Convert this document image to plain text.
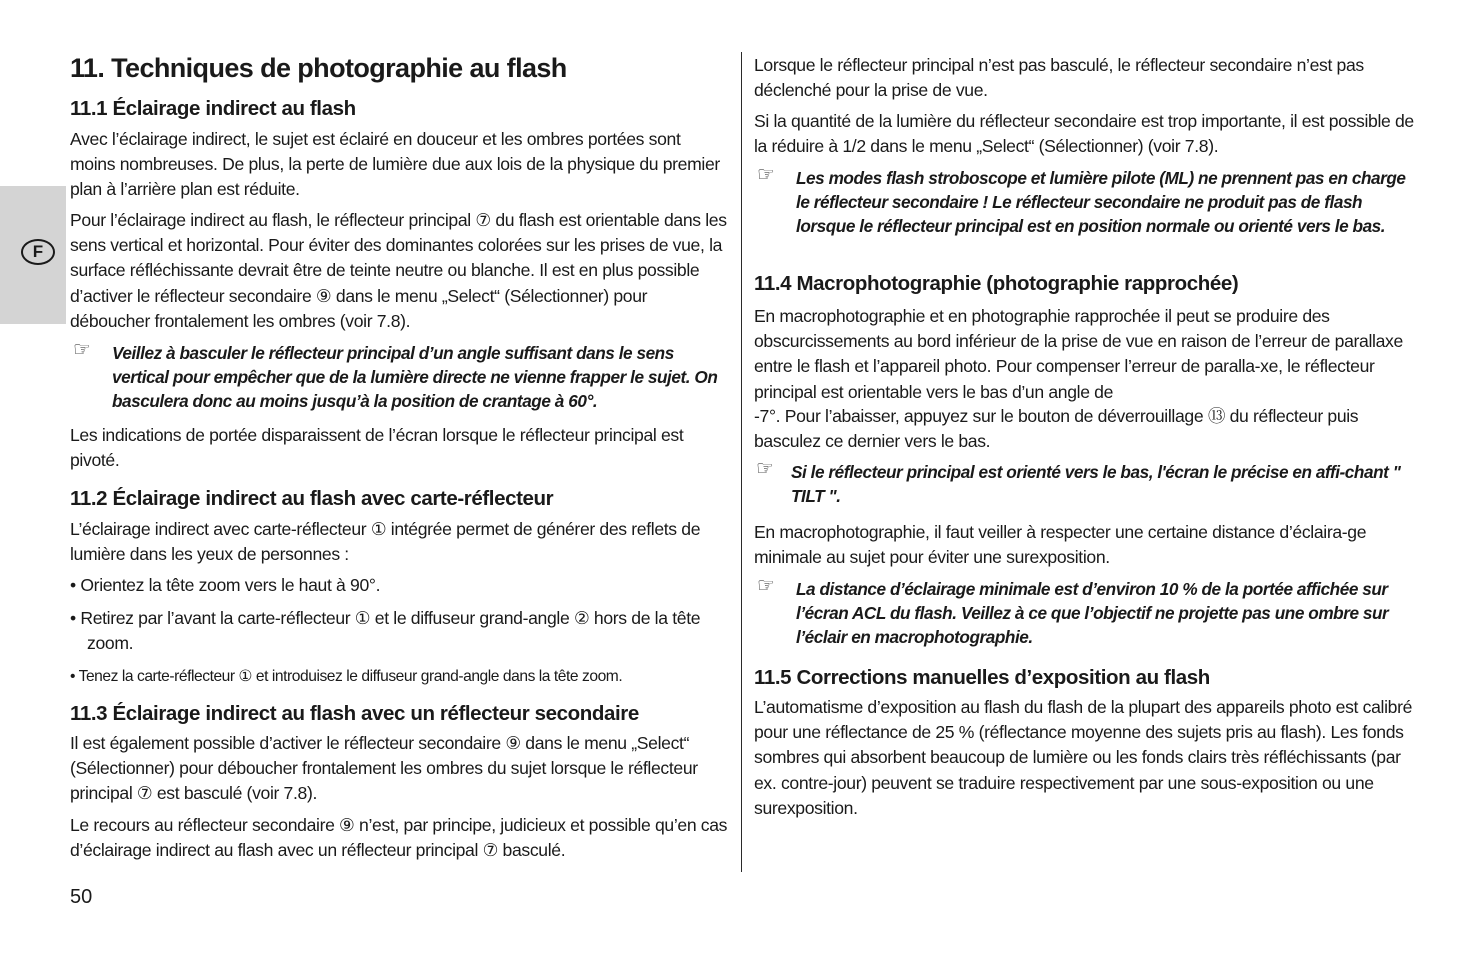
F
11. Techniques de photographie au flash
11.1 Éclairage indirect au flash

Avec l’éclairage indirect, le sujet est éclairé en douceur et les ombres portées sont moins nombreuses. De plus, la perte de lumière due aux lois de la physique du premier plan à l’arrière plan est réduite.

Pour l’éclairage indirect au flash, le réflecteur principal ⑦ du flash est orientable dans les sens vertical et horizontal. Pour éviter des dominantes colorées sur les prises de vue, la surface réfléchissante devrait être de teinte neutre ou blanche. Il est en plus possible d’activer le réflecteur secondaire ⑨ dans le menu „Select“ (Sélectionner) pour déboucher frontalement les ombres (voir 7.8).

☞	Veillez à basculer le réflecteur principal d’un angle suffisant dans le sens vertical pour empêcher que de la lumière directe ne vienne frapper le sujet. On basculera donc au moins jusqu’à la position de crantage à 60°.

Les indications de portée disparaissent de l’écran lorsque le réflecteur principal est pivoté.

11.2 Éclairage indirect au flash avec carte-réflecteur

L’éclairage indirect avec carte-réflecteur ① intégrée permet de générer des reflets de lumière dans les yeux de personnes :

• Orientez la tête zoom vers le haut à 90°.

• Retirez par l’avant la carte-réflecteur ① et le diffuseur grand-angle ② hors de la tête zoom.

• Tenez la carte-réflecteur ① et introduisez le diffuseur grand-angle dans la tête zoom.

11.3 Éclairage indirect au flash avec un réflecteur secondaire

Il est également possible d’activer le réflecteur secondaire ⑨ dans le menu „Select“ (Sélectionner) pour déboucher frontalement les ombres du sujet lorsque le réflecteur principal ⑦ est basculé (voir 7.8).

Le recours au réflecteur secondaire ⑨ n’est, par principe, judicieux et possible qu’en cas d’éclairage indirect au flash avec un réflecteur principal ⑦ basculé.

Lorsque le réflecteur principal n’est pas basculé, le réflecteur secondaire n’est pas déclenché pour la prise de vue.

Si la quantité de la lumière du réflecteur secondaire est trop importante, il est possible de la réduire à 1/2 dans le menu „Select“ (Sélectionner) (voir 7.8).

☞	Les modes flash stroboscope et lumière pilote (ML) ne prennent pas en charge le réflecteur secondaire ! Le réflecteur secondaire ne produit pas de flash lorsque le réflecteur principal est en position normale ou orienté vers le bas.
11.4 Macrophotographie (photographie rapprochée)

En macrophotographie et en photographie rapprochée il peut se produire des obscurcissements au bord inférieur de la prise de vue en raison de l’erreur de parallaxe entre le flash et l’appareil photo. Pour compenser l’erreur de paralla-xe, le réflecteur principal est orientable vers le bas d’un angle de

-7°. Pour l’abaisser, appuyez sur le bouton de déverrouillage ⑬ du réflecteur puis basculez ce dernier vers le bas.

☞	Si le réflecteur principal est orienté vers le bas, l'écran le précise en affi-chant " TILT ".

En macrophotographie, il faut veiller à respecter une certaine distance d’éclaira-ge minimale au sujet pour éviter une surexposition.

☞	La distance d’éclairage minimale est d’environ 10 % de la portée affichée sur l’écran ACL du flash. Veillez à ce que l’objectif ne projette pas une ombre sur l’éclair en macrophotographie.
11.5 Corrections manuelles d’exposition au flash

L’automatisme d’exposition au flash du flash de la plupart des appareils photo est calibré pour une réflectance de 25 % (réflectance moyenne des sujets pris au flash). Les fonds sombres qui absorbent beaucoup de lumière ou les fonds clairs très réfléchissants (par ex. contre-jour) peuvent se traduire respectivement par une sous-exposition ou une surexposition.

50
